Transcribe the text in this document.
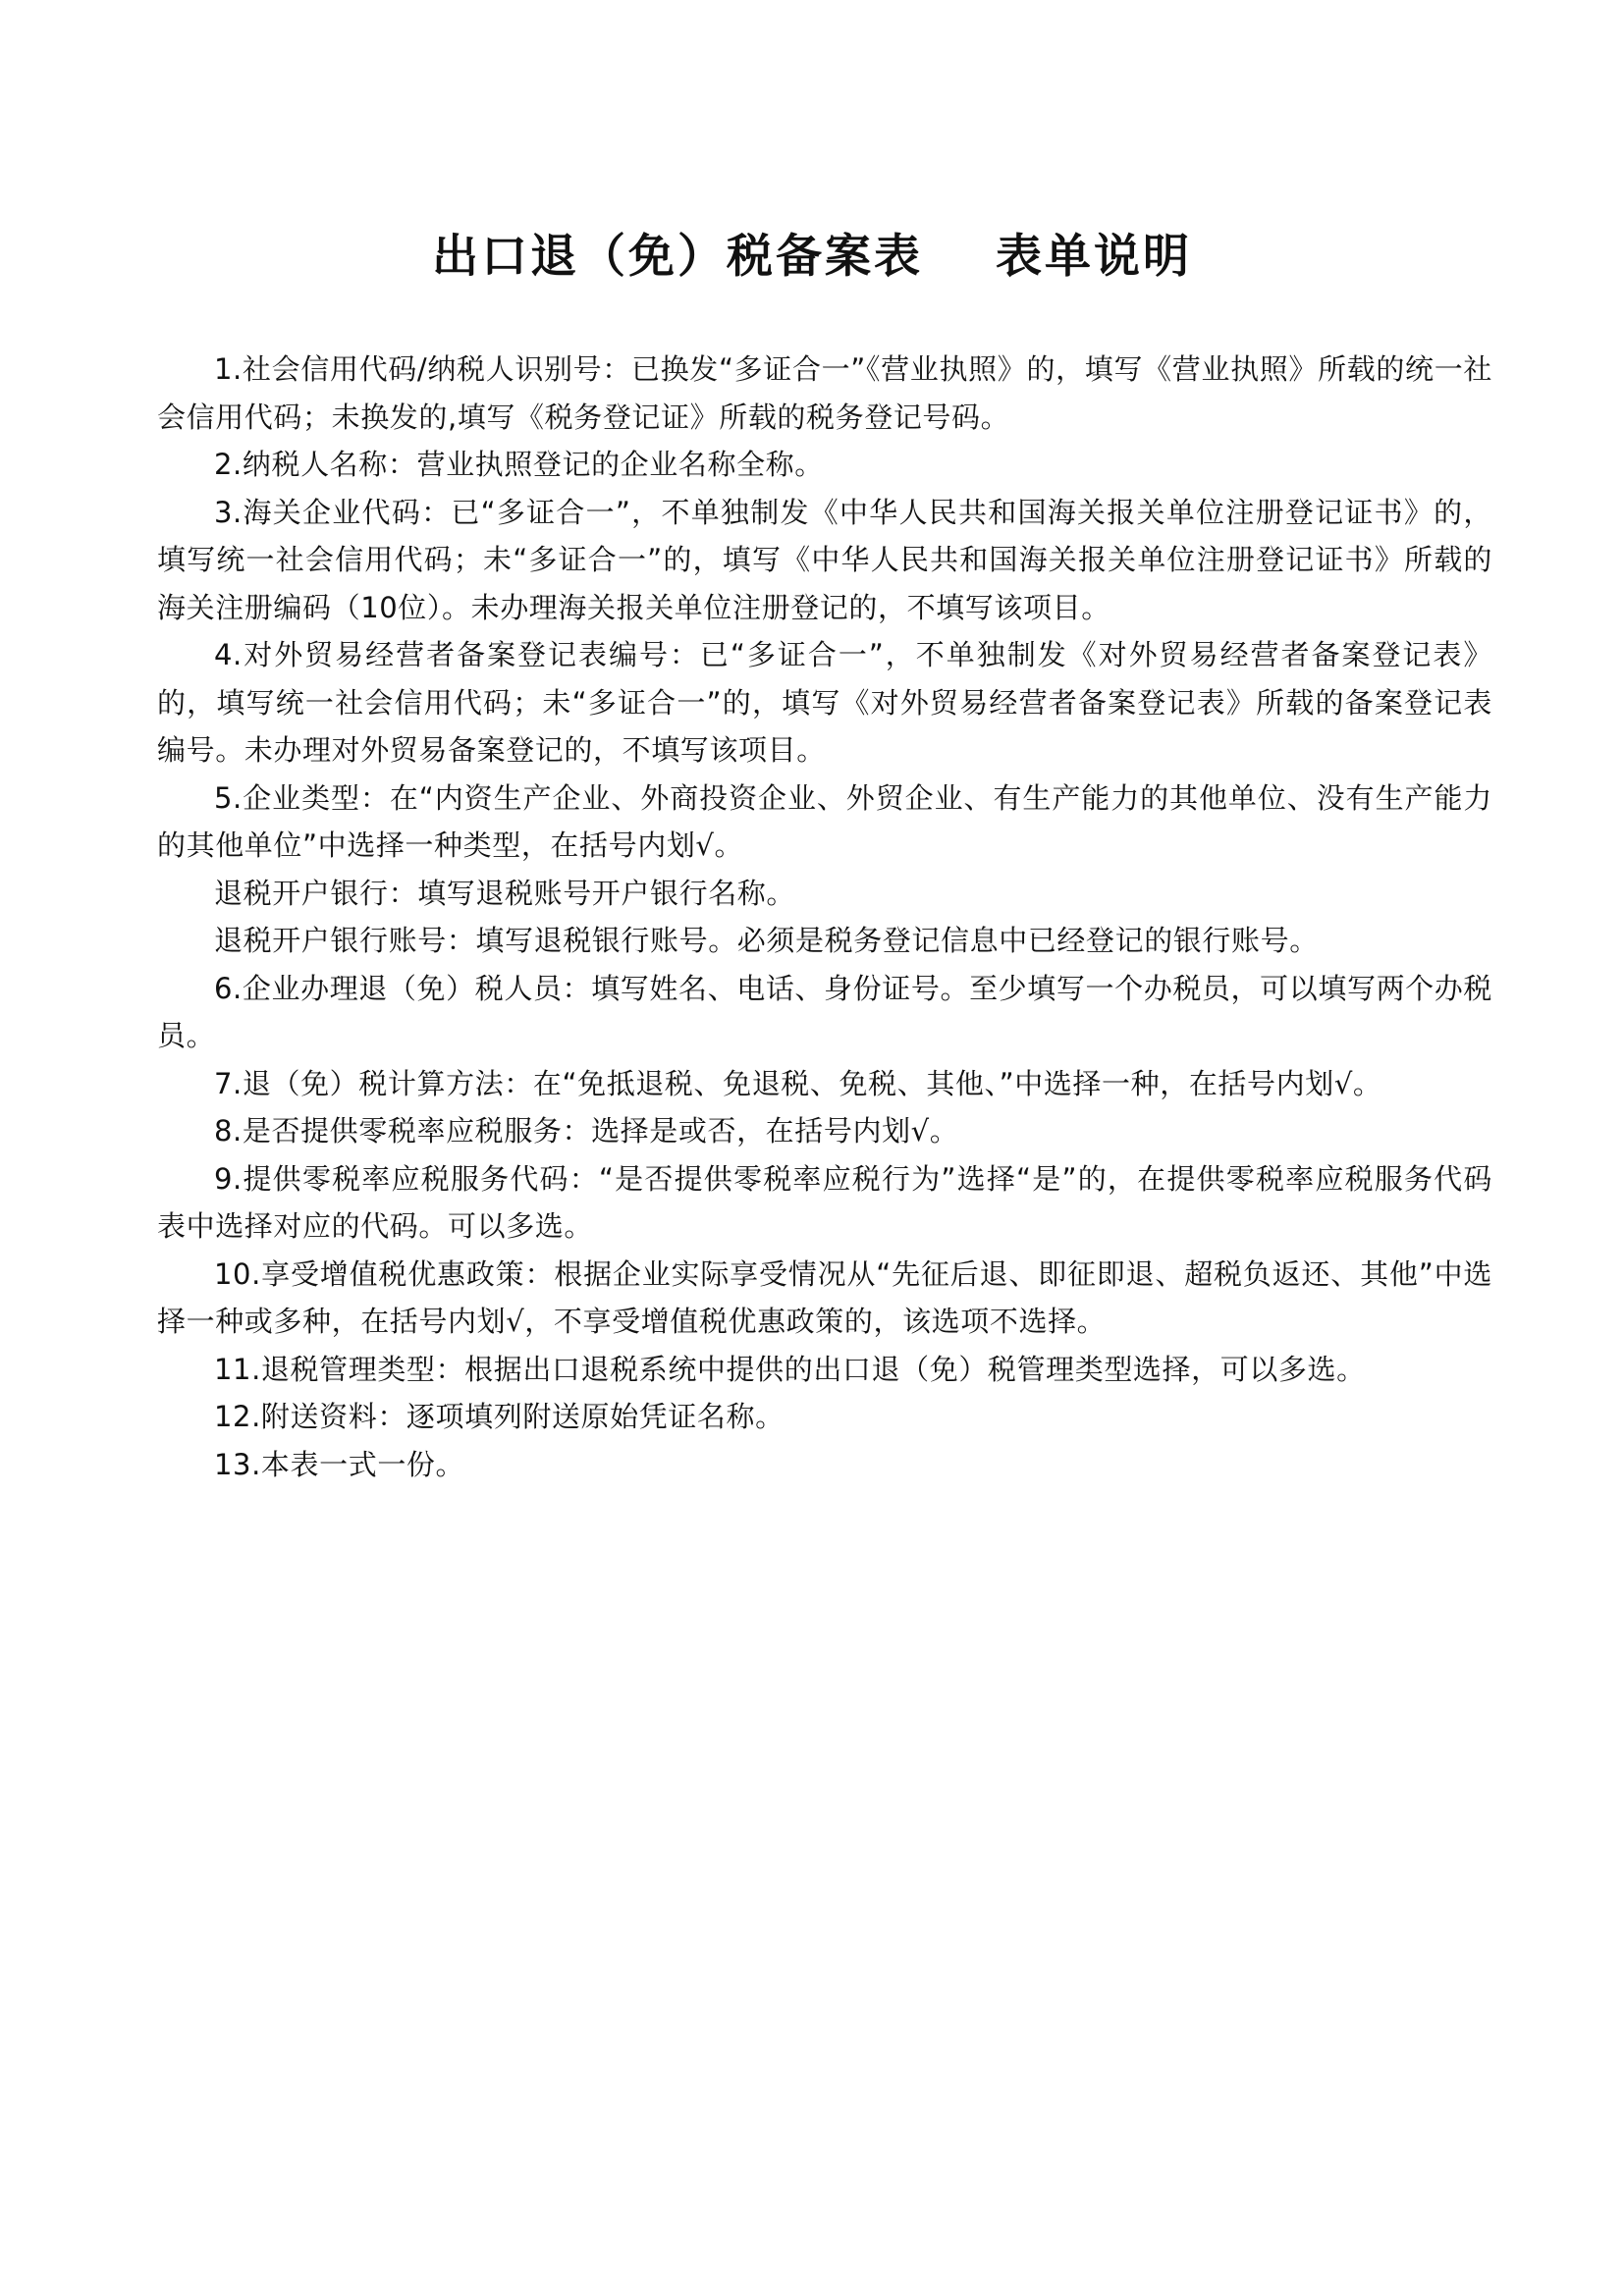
出口退（免）税备案表 表单说明

1.社会信用代码/纳税人识别号：已换发“多证合一”《营业执照》的，填写《营业执照》所载的统一社会信用代码；未换发的,填写《税务登记证》所载的税务登记号码。

2.纳税人名称：营业执照登记的企业名称全称。

3.海关企业代码：已“多证合一”，不单独制发《中华人民共和国海关报关单位注册登记证书》的，填写统一社会信用代码；未“多证合一”的，填写《中华人民共和国海关报关单位注册登记证书》所载的海关注册编码（10位）。未办理海关报关单位注册登记的，不填写该项目。

4.对外贸易经营者备案登记表编号：已“多证合一”，不单独制发《对外贸易经营者备案登记表》的，填写统一社会信用代码；未“多证合一”的，填写《对外贸易经营者备案登记表》所载的备案登记表编号。未办理对外贸易备案登记的，不填写该项目。

5.企业类型：在“内资生产企业、外商投资企业、外贸企业、有生产能力的其他单位、没有生产能力的其他单位”中选择一种类型，在括号内划√。

退税开户银行：填写退税账号开户银行名称。

退税开户银行账号：填写退税银行账号。必须是税务登记信息中已经登记的银行账号。

6.企业办理退（免）税人员：填写姓名、电话、身份证号。至少填写一个办税员，可以填写两个办税员。

7.退（免）税计算方法：在“免抵退税、免退税、免税、其他、”中选择一种，在括号内划√。

8.是否提供零税率应税服务：选择是或否，在括号内划√。

9.提供零税率应税服务代码：“是否提供零税率应税行为”选择“是”的，在提供零税率应税服务代码表中选择对应的代码。可以多选。

10.享受增值税优惠政策：根据企业实际享受情况从“先征后退、即征即退、超税负返还、其他”中选择一种或多种，在括号内划√，不享受增值税优惠政策的，该选项不选择。

11.退税管理类型：根据出口退税系统中提供的出口退（免）税管理类型选择，可以多选。

12.附送资料：逐项填列附送原始凭证名称。

13.本表一式一份。
